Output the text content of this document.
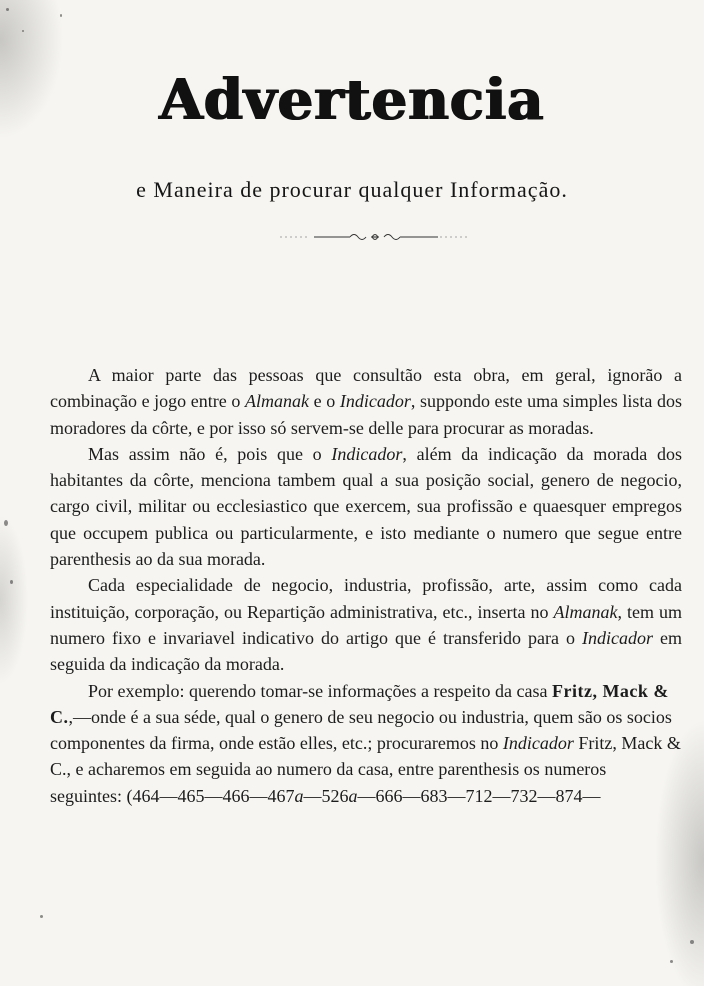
Advertencia
e Maneira de procurar qualquer Informação.

A maior parte das pessoas que consultão esta obra, em geral, ignorão a combinação e jogo entre o Almanak e o Indicador, suppondo este uma simples lista dos moradores da côrte, e por isso só servem-se delle para procurar as moradas.

Mas assim não é, pois que o Indicador, além da indicação da morada dos habitantes da côrte, menciona tambem qual a sua posição social, genero de negocio, cargo civil, militar ou ecclesiastico que exercem, sua profissão e quaesquer empregos que occupem publica ou particularmente, e isto mediante o numero que segue entre parenthesis ao da sua morada.

Cada especialidade de negocio, industria, profissão, arte, assim como cada instituição, corporação, ou Repartição administrativa, etc., inserta no Almanak, tem um numero fixo e invariavel indicativo do artigo que é transferido para o Indicador em seguida da indicação da morada.

Por exemplo: querendo tomar-se informações a respeito da casa Fritz, Mack & C.,—onde é a sua séde, qual o genero de seu negocio ou industria, quem são os socios componentes da firma, onde estão elles, etc.; procuraremos no Indicador Fritz, Mack & C., e acharemos em seguida ao numero da casa, entre parenthesis os numeros seguintes: (464—465—466—467a—526a—666—683—712—732—874—
